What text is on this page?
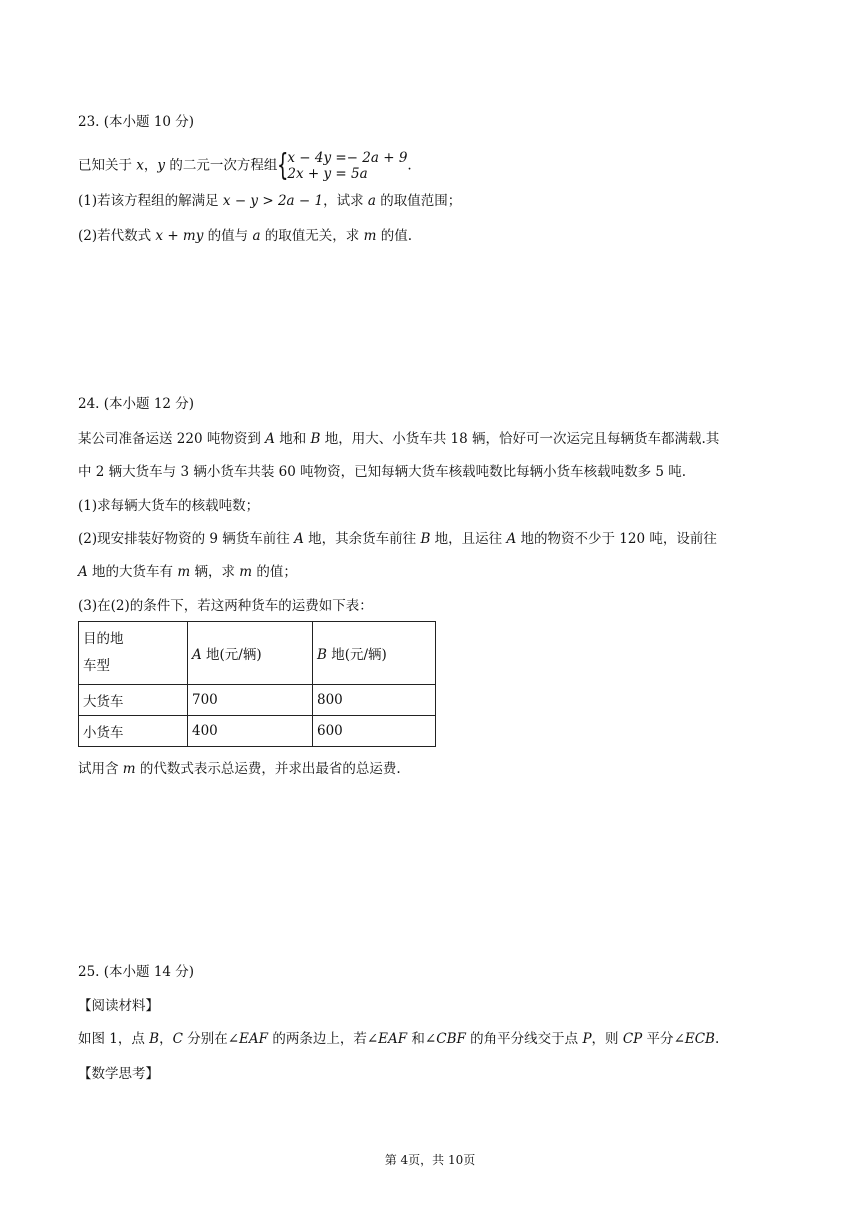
23. (本小题 10 分)
已知关于 x，y 的二元一次方程组 {
x − 4y =− 2a + 9
2x + y = 5a
.
(1)若该方程组的解满足 x − y > 2a − 1，试求 a 的取值范围；
(2)若代数式 x + my 的值与 a 的取值无关，求 m 的值.
24. (本小题 12 分)
某公司准备运送 220 吨物资到 A 地和 B 地，用大、小货车共 18 辆，恰好可一次运完且每辆货车都满载.其
中 2 辆大货车与 3 辆小货车共装 60 吨物资，已知每辆大货车核载吨数比每辆小货车核载吨数多 5 吨.
(1)求每辆大货车的核载吨数；
(2)现安排装好物资的 9 辆货车前往 A 地，其余货车前往 B 地，且运往 A 地的物资不少于 120 吨，设前往
A 地的大货车有 m 辆，求 m 的值；
(3)在(2)的条件下，若这两种货车的运费如下表：
目的地
车型	A 地(元/辆)	B 地(元/辆)
大货车	700	800
小货车	400	600
试用含 m 的代数式表示总运费，并求出最省的总运费.
25. (本小题 14 分)
【阅读材料】
如图 1，点 B，C 分别在∠EAF 的两条边上，若∠EAF 和∠CBF 的角平分线交于点 P，则 CP 平分∠ECB.
【数学思考】
第 4页，共 10页
